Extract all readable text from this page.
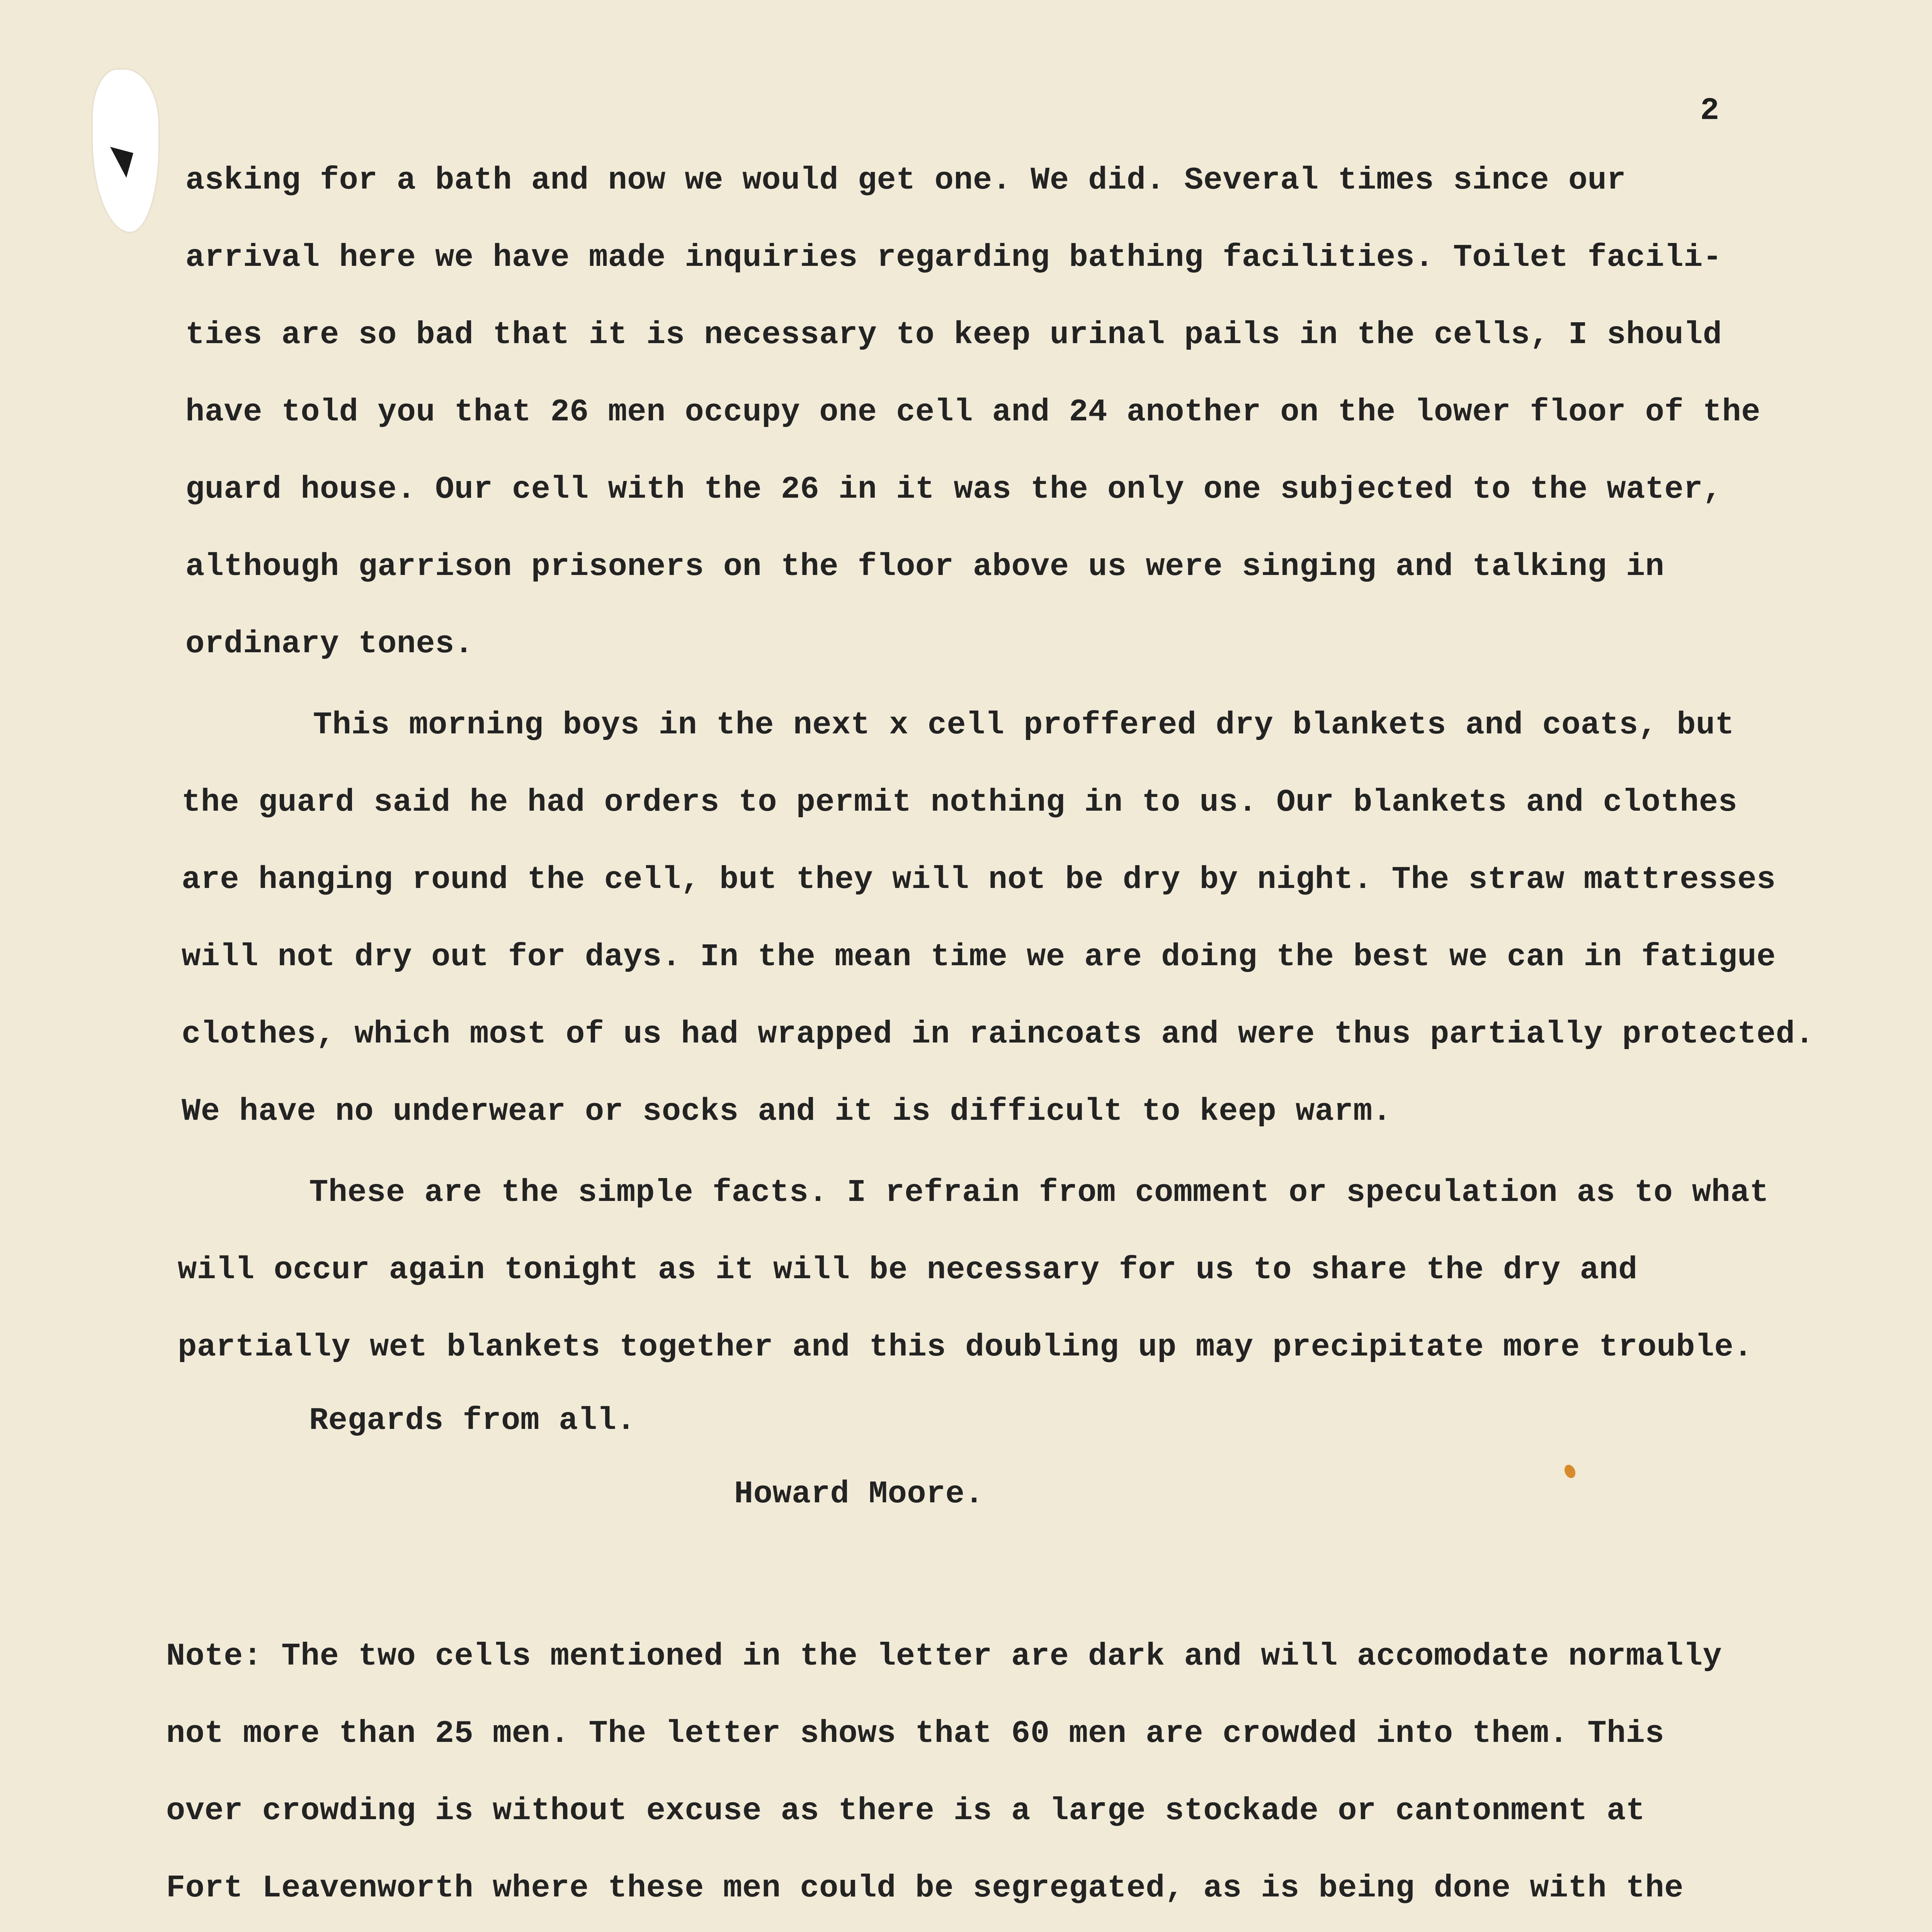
2
asking for a bath and now we would get one. We did. Several times since our
arrival here we have made inquiries regarding bathing facilities. Toilet facili-
ties are so bad that it is necessary to keep urinal pails in the cells, I should
have told you that 26 men occupy one cell and 24 another on the lower floor of the
guard house. Our cell with the 26 in it was the only one subjected to the water,
although garrison prisoners on the floor above us were singing and talking in
ordinary tones.
This morning boys in the next x cell proffered dry blankets and coats, but
the guard said he had orders to permit nothing in to us. Our blankets and clothes
are hanging round the cell, but they will not be dry by night. The straw mattresses
will not dry out for days. In the mean time we are doing the best we can in fatigue
clothes, which most of us had wrapped in raincoats and were thus partially protected.
We have no underwear or socks and it is difficult to keep warm.
These are the simple facts. I refrain from comment or speculation as to what
will occur again tonight as it will be necessary for us to share the dry and
partially wet blankets together and this doubling up may precipitate more trouble.
Regards from all.
Howard Moore.
Note: The two cells mentioned in the letter are dark and will accomodate normally
not more than 25 men. The letter shows that 60 men are crowded into them. This
over crowding is without excuse as there is a large stockade or cantonment at
Fort Leavenworth where these men could be segregated, as is being done with the
